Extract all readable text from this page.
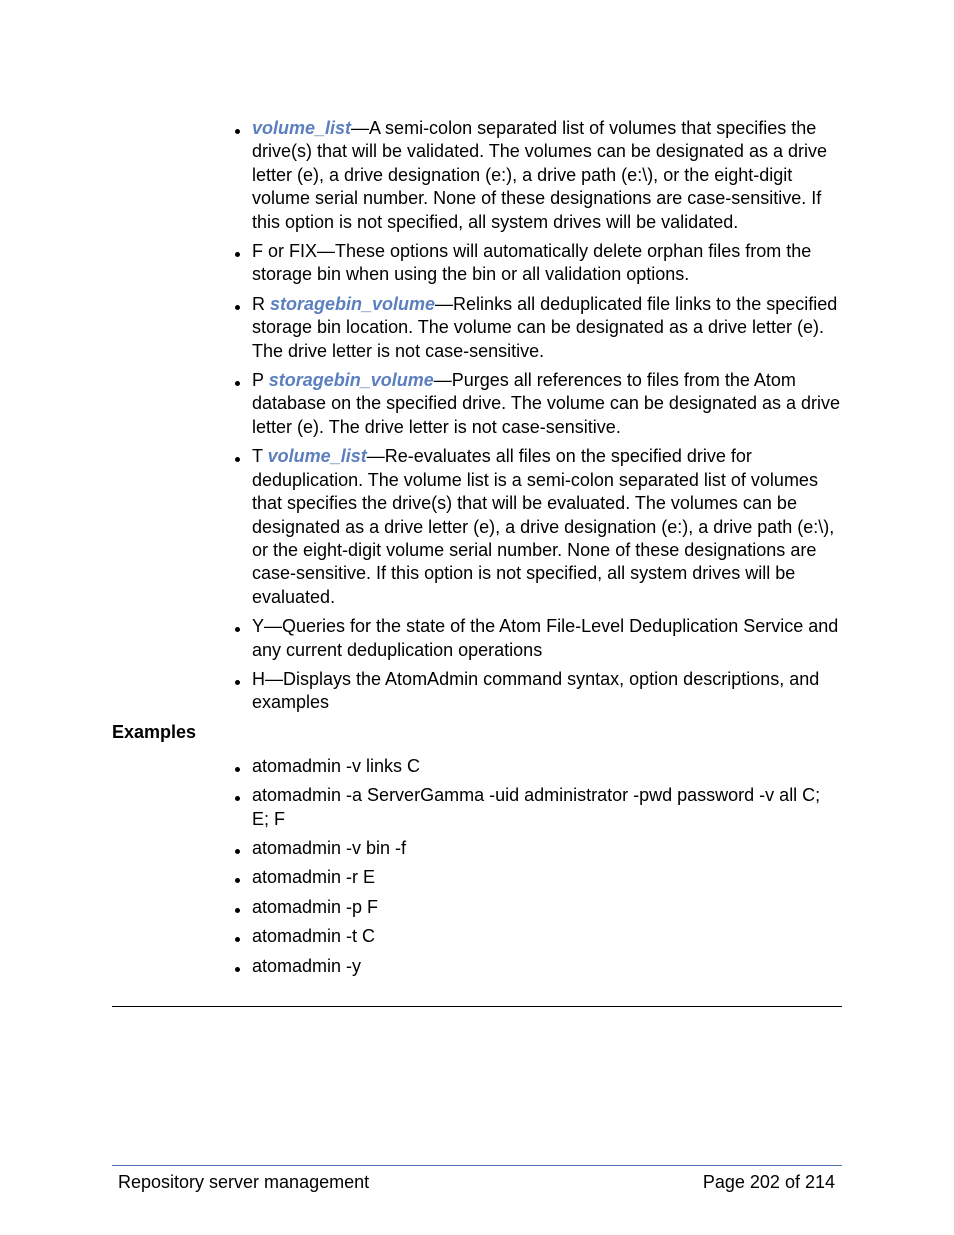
volume_list—A semi-colon separated list of volumes that specifies the drive(s) that will be validated. The volumes can be designated as a drive letter (e), a drive designation (e:), a drive path (e:\), or the eight-digit volume serial number. None of these designations are case-sensitive. If this option is not specified, all system drives will be validated.
F or FIX—These options will automatically delete orphan files from the storage bin when using the bin or all validation options.
R storagebin_volume—Relinks all deduplicated file links to the specified storage bin location. The volume can be designated as a drive letter (e). The drive letter is not case-sensitive.
P storagebin_volume—Purges all references to files from the Atom database on the specified drive. The volume can be designated as a drive letter (e). The drive letter is not case-sensitive.
T volume_list—Re-evaluates all files on the specified drive for deduplication. The volume list is a semi-colon separated list of volumes that specifies the drive(s) that will be evaluated. The volumes can be designated as a drive letter (e), a drive designation (e:), a drive path (e:\), or the eight-digit volume serial number. None of these designations are case-sensitive. If this option is not specified, all system drives will be evaluated.
Y—Queries for the state of the Atom File-Level Deduplication Service and any current deduplication operations
H—Displays the AtomAdmin command syntax, option descriptions, and examples
Examples
atomadmin -v links C
atomadmin -a ServerGamma -uid administrator -pwd password -v all C; E; F
atomadmin -v bin -f
atomadmin -r E
atomadmin -p F
atomadmin -t C
atomadmin -y
Repository server management	Page 202 of 214
